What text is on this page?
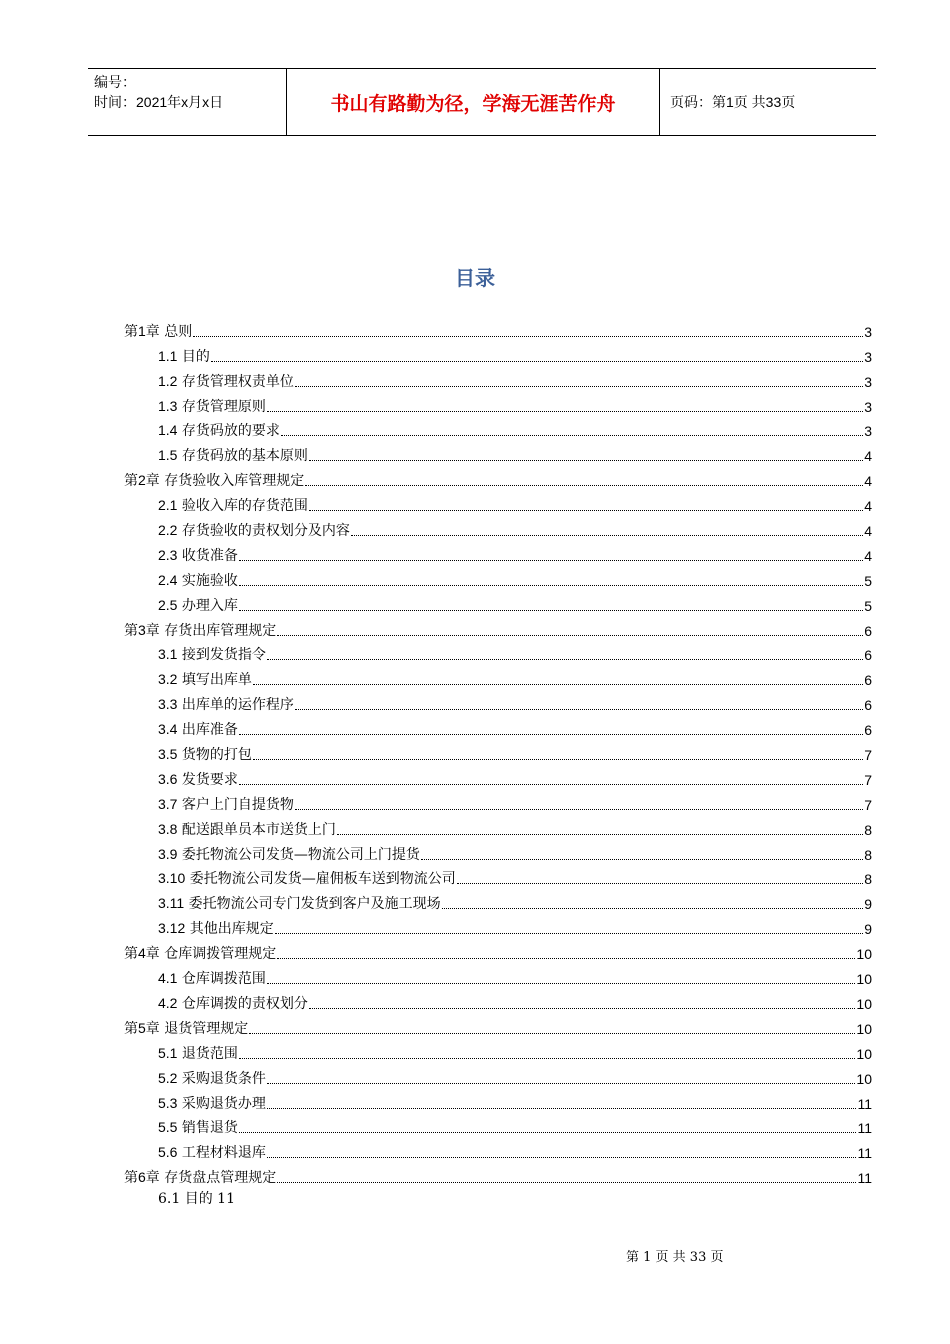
编号：
时间：2021年x月x日	书山有路勤为径，学海无涯苦作舟	页码：第1页 共33页
目录
第1章 总则	3
1.1 目的	3
1.2 存货管理权责单位	3
1.3 存货管理原则	3
1.4 存货码放的要求	3
1.5 存货码放的基本原则	4
第2章 存货验收入库管理规定	4
2.1 验收入库的存货范围	4
2.2 存货验收的责权划分及内容	4
2.3 收货准备	4
2.4 实施验收	5
2.5 办理入库	5
第3章 存货出库管理规定	6
3.1 接到发货指令	6
3.2 填写出库单	6
3.3 出库单的运作程序	6
3.4 出库准备	6
3.5 货物的打包	7
3.6 发货要求	7
3.7 客户上门自提货物	7
3.8 配送跟单员本市送货上门	8
3.9 委托物流公司发货—物流公司上门提货	8
3.10 委托物流公司发货—雇佣板车送到物流公司	8
3.11 委托物流公司专门发货到客户及施工现场	9
3.12 其他出库规定	9
第4章 仓库调拨管理规定	10
4.1 仓库调拨范围	10
4.2 仓库调拨的责权划分	10
第5章 退货管理规定	10
5.1 退货范围	10
5.2 采购退货条件	10
5.3 采购退货办理	11
5.5 销售退货	11
5.6 工程材料退库	11
第6章 存货盘点管理规定	11
6.1 目的 11
第 1 页 共 33 页
